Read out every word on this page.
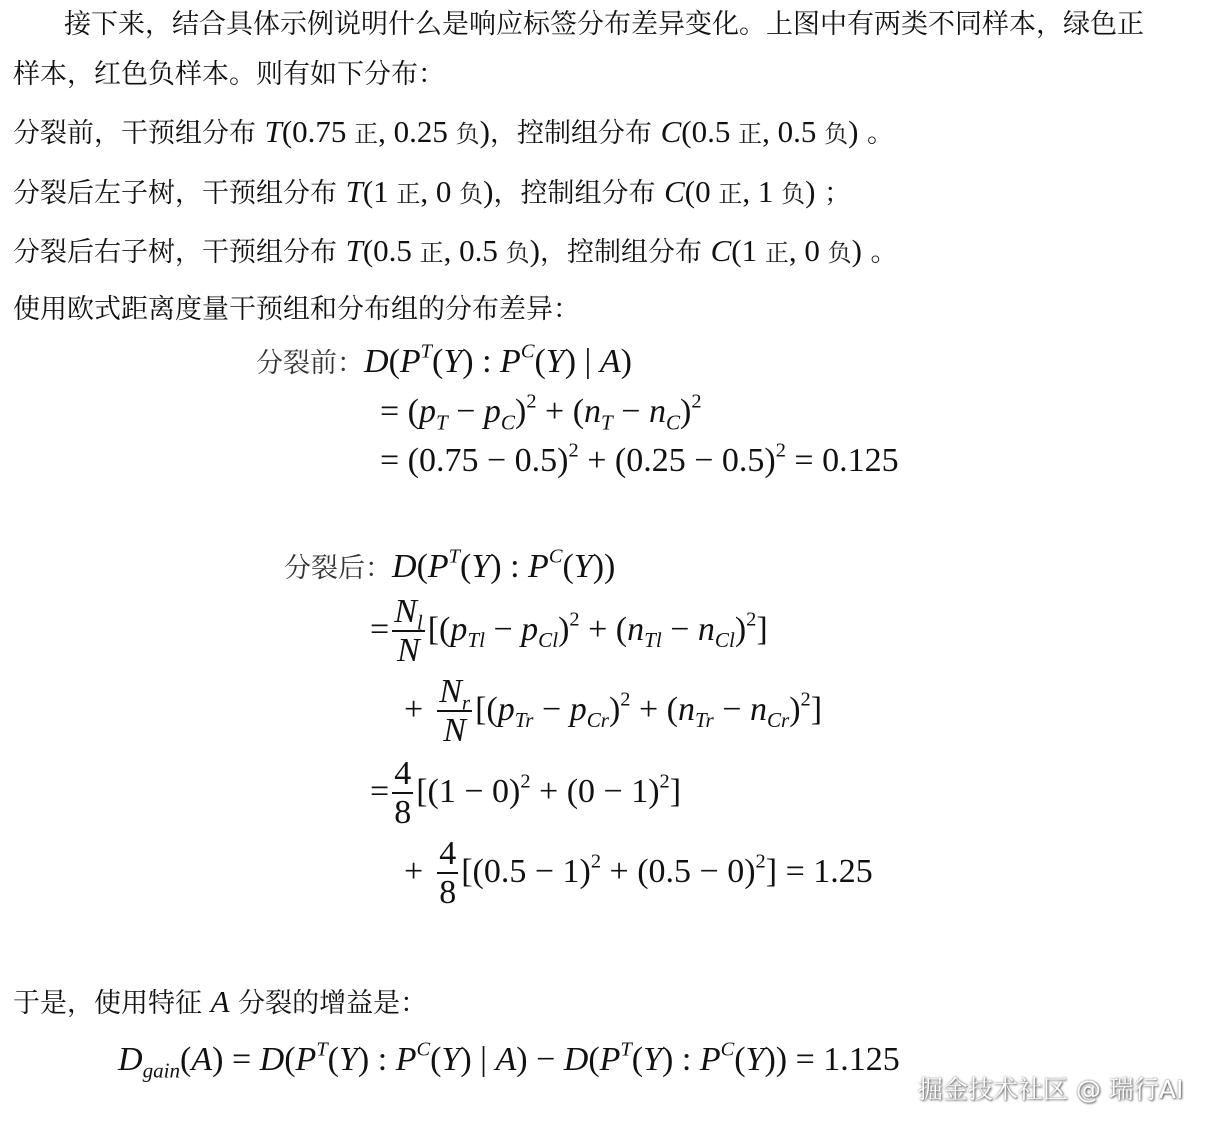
接下来，结合具体示例说明什么是响应标签分布差异变化。上图中有两类不同样本，绿色正
样本，红色负样本。则有如下分布：
分裂前，干预组分布 T(0.75 正, 0.25 负)，控制组分布 C(0.5 正, 0.5 负) 。
分裂后左子树，干预组分布 T(1 正, 0 负)，控制组分布 C(0 正, 1 负) ；
分裂后右子树，干预组分布 T(0.5 正, 0.5 负)，控制组分布 C(1 正, 0 负) 。
使用欧式距离度量干预组和分布组的分布差异：
分裂前：$D(P^T(Y)$ : $P^C(Y)$ | A)
= $(p_T - p_C)^2 + (n_T - n_C)^2$
= $(0.75 - 0.5)^2 + (0.25 - 0.5)^2 = 0.125$
分裂后：$D(P^T(Y)$ : $P^C(Y)$)
= $\frac{N_l}{N} [(p_{Tl} - p_{Cl})^2 + (n_{Tl} - n_{Cl})^2]$
+ $\frac{N_r}{N} [(p_{Tr} - p_{Cr})^2 + (n_{Tr} - n_{Cr})^2]$
= $\frac{4}{8} [(1 - 0)^2 + (0 - 1)^2]$
+ $\frac{4}{8} [(0.5 - 1)^2 + (0.5 - 0)^2] = 1.25$
于是，使用特征 A 分裂的增益是：
$D_{gain}(A) = D(P^T(Y)$ : $P^C(Y)$ | $A) - D(P^T(Y)$ : $P^C(Y)) = 1.125$
掘金技术社区 @ 瑞行AI
